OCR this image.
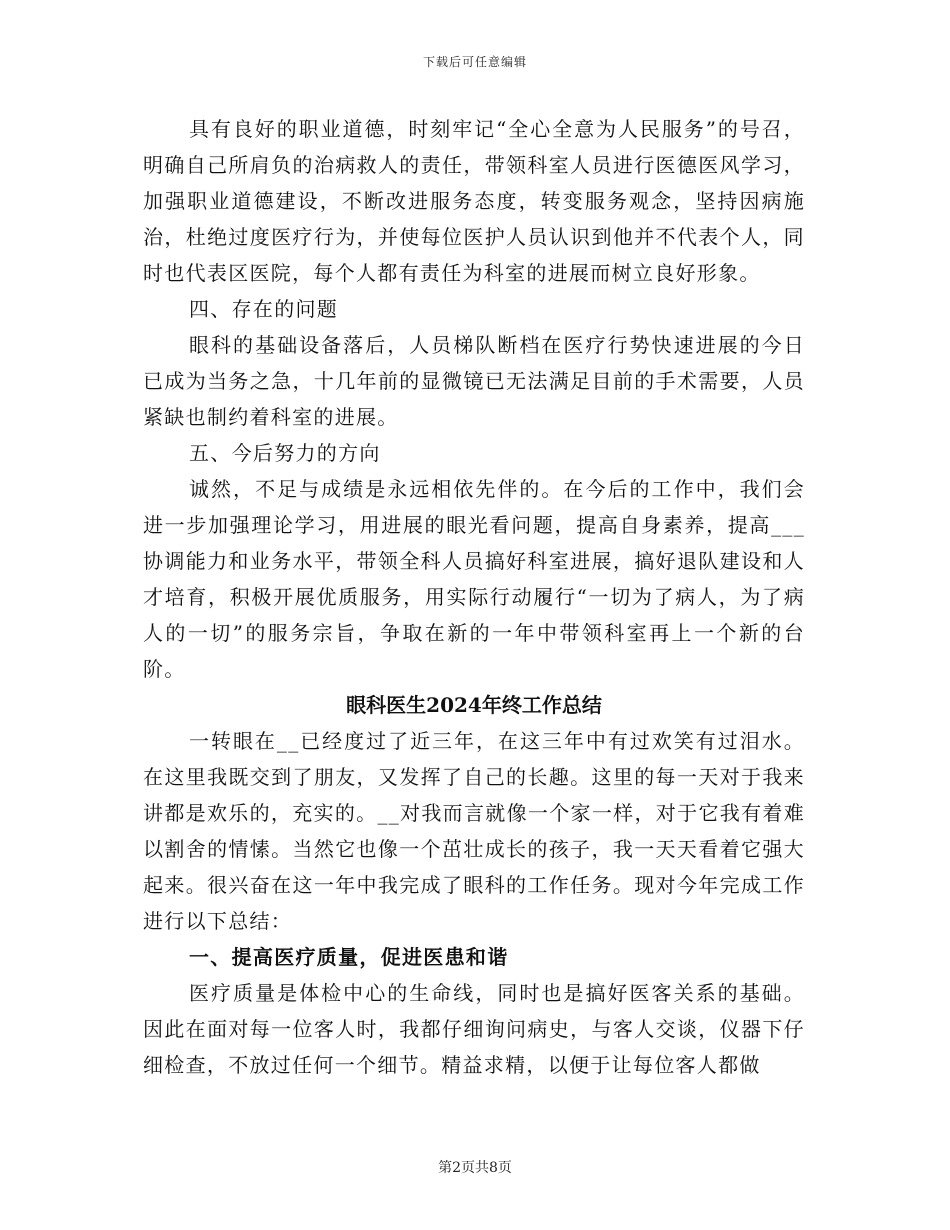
下载后可任意编辑

具有良好的职业道德，时刻牢记“全心全意为人民服务”的号召，明确自己所肩负的治病救人的责任，带领科室人员进行医德医风学习，加强职业道德建设，不断改进服务态度，转变服务观念，坚持因病施治，杜绝过度医疗行为，并使每位医护人员认识到他并不代表个人，同时也代表区医院，每个人都有责任为科室的进展而树立良好形象。

四、存在的问题

眼科的基础设备落后，人员梯队断档在医疗行势快速进展的今日已成为当务之急，十几年前的显微镜已无法满足目前的手术需要，人员紧缺也制约着科室的进展。

五、今后努力的方向

诚然，不足与成绩是永远相依先伴的。在今后的工作中，我们会进一步加强理论学习，用进展的眼光看问题，提高自身素养，提高___协调能力和业务水平，带领全科人员搞好科室进展，搞好退队建设和人才培育，积极开展优质服务，用实际行动履行“一切为了病人，为了病人的一切”的服务宗旨，争取在新的一年中带领科室再上一个新的台阶。

眼科医生2024年终工作总结

一转眼在__已经度过了近三年，在这三年中有过欢笑有过泪水。在这里我既交到了朋友，又发挥了自己的长趣。这里的每一天对于我来讲都是欢乐的，充实的。__对我而言就像一个家一样，对于它我有着难以割舍的情愫。当然它也像一个茁壮成长的孩子，我一天天看着它强大起来。很兴奋在这一年中我完成了眼科的工作任务。现对今年完成工作进行以下总结：

一、提高医疗质量，促进医患和谐

医疗质量是体检中心的生命线，同时也是搞好医客关系的基础。因此在面对每一位客人时，我都仔细询问病史，与客人交谈，仪器下仔细检查，不放过任何一个细节。精益求精，以便于让每位客人都做

第2页共8页
